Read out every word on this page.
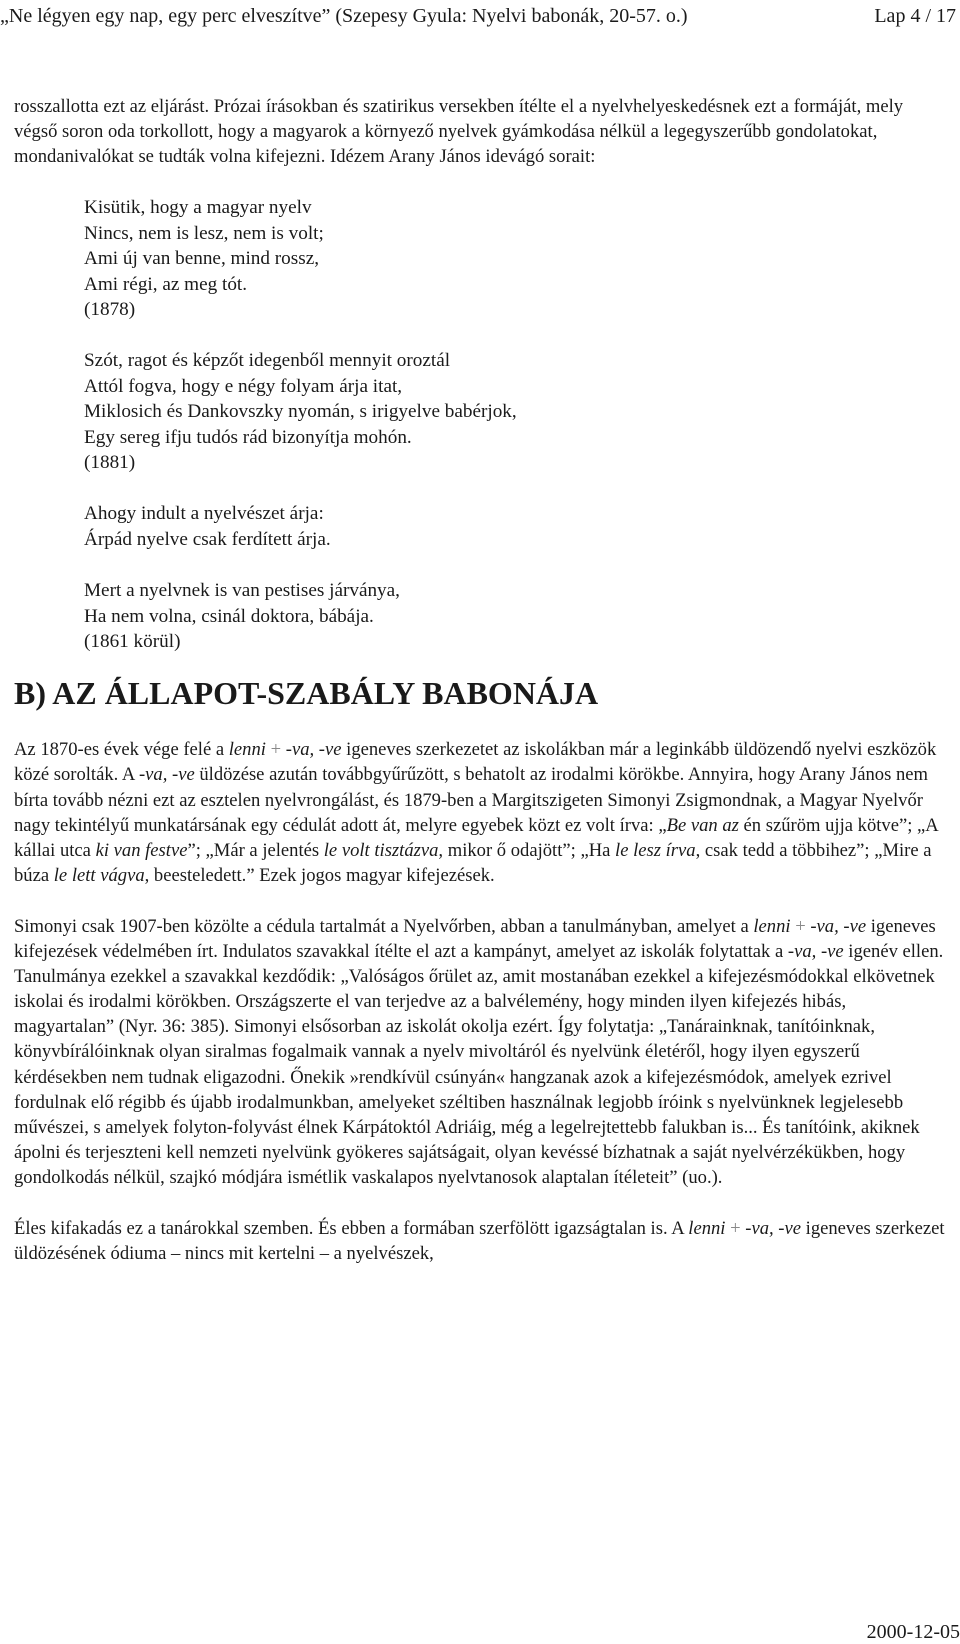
„Ne légyen egy nap, egy perc elveszítve” (Szepesy Gyula: Nyelvi babonák, 20-57. o.)	Lap 4 / 17

rosszallotta ezt az eljárást. Prózai írásokban és szatirikus versekben ítélte el a nyelvhelyeskedésnek ezt a formáját, mely végső soron oda torkollott, hogy a magyarok a környező nyelvek gyámkodása nélkül a legegyszerűbb gondolatokat, mondanivalókat se tudták volna kifejezni. Idézem Arany János idevágó sorait:

Kisütik, hogy a magyar nyelv
Nincs, nem is lesz, nem is volt;
Ami új van benne, mind rossz,
Ami régi, az meg tót.
(1878)
Szót, ragot és képzőt idegenből mennyit oroztál
Attól fogva, hogy e négy folyam árja itat,
Miklosich és Dankovszky nyomán, s irigyelve babérjok,
Egy sereg ifju tudós rád bizonyítja mohón.
(1881)
Ahogy indult a nyelvészet árja:
Árpád nyelve csak ferdített árja.
Mert a nyelvnek is van pestises járványa,
Ha nem volna, csinál doktora, bábája.
(1861 körül)
B) AZ ÁLLAPOT-SZABÁLY BABONÁJA

Az 1870-es évek vége felé a lenni + -va, -ve igeneves szerkezetet az iskolákban már a leginkább üldözendő nyelvi eszközök közé sorolták. A -va, -ve üldözése azután továbbgyűrűzött, s behatolt az irodalmi körökbe. Annyira, hogy Arany János nem bírta tovább nézni ezt az esztelen nyelvrongálást, és 1879-ben a Margitszigeten Simonyi Zsigmondnak, a Magyar Nyelvőr nagy tekintélyű munkatársának egy cédulát adott át, melyre egyebek közt ez volt írva: „Be van az én szűröm ujja kötve”; „A kállai utca ki van festve”; „Már a jelentés le volt tisztázva, mikor ő odajött”; „Ha le lesz írva, csak tedd a többihez”; „Mire a búza le lett vágva, beesteledett.” Ezek jogos magyar kifejezések.

Simonyi csak 1907-ben közölte a cédula tartalmát a Nyelvőrben, abban a tanulmányban, amelyet a lenni + -va, -ve igeneves kifejezések védelmében írt. Indulatos szavakkal ítélte el azt a kampányt, amelyet az iskolák folytattak a -va, -ve igenév ellen. Tanulmánya ezekkel a szavakkal kezdődik: „Valóságos őrület az, amit mostanában ezekkel a kifejezésmódokkal elkövetnek iskolai és irodalmi körökben. Országszerte el van terjedve az a balvélemény, hogy minden ilyen kifejezés hibás, magyartalan” (Nyr. 36: 385). Simonyi elsősorban az iskolát okolja ezért. Így folytatja: „Tanárainknak, tanítóinknak, könyvbírálóinknak olyan siralmas fogalmaik vannak a nyelv mivoltáról és nyelvünk életéről, hogy ilyen egyszerű kérdésekben nem tudnak eligazodni. Őnekik »rendkívül csúnyán« hangzanak azok a kifejezésmódok, amelyek ezrivel fordulnak elő régibb és újabb irodalmunkban, amelyeket széltiben használnak legjobb íróink s nyelvünknek legjelesebb művészei, s amelyek folyton-folyvást élnek Kárpátoktól Adriáig, még a legelrejtettebb falukban is... És tanítóink, akiknek ápolni és terjeszteni kell nemzeti nyelvünk gyökeres sajátságait, olyan kevéssé bízhatnak a saját nyelvérzékükben, hogy gondolkodás nélkül, szajkó módjára ismétlik vaskalapos nyelvtanosok alaptalan ítéleteit” (uo.).

Éles kifakadás ez a tanárokkal szemben. És ebben a formában szerfölött igazságtalan is. A lenni + -va, -ve igeneves szerkezet üldözésének ódiuma – nincs mit kertelni – a nyelvészek,

2000-12-05
